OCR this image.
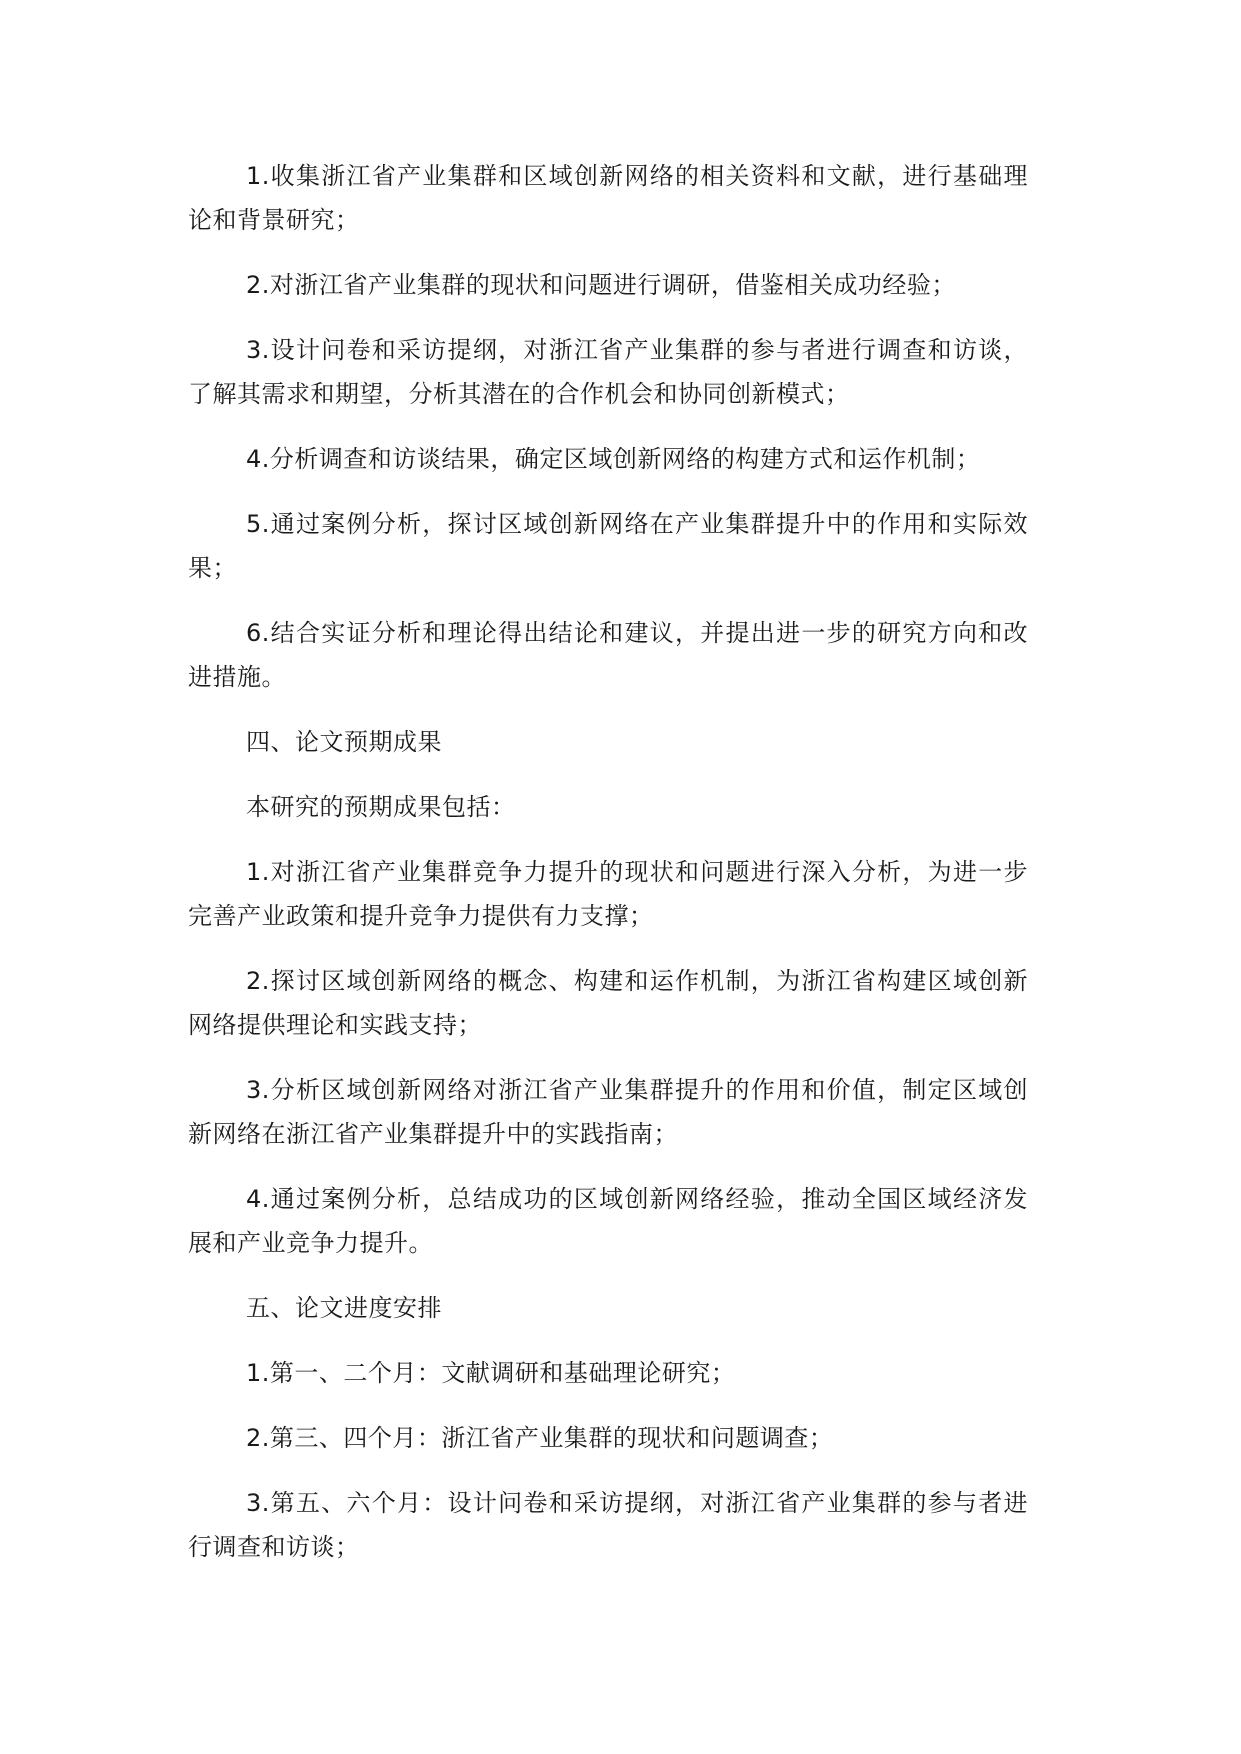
1.收集浙江省产业集群和区域创新网络的相关资料和文献，进行基础理论和背景研究；

2.对浙江省产业集群的现状和问题进行调研，借鉴相关成功经验；

3.设计问卷和采访提纲，对浙江省产业集群的参与者进行调查和访谈，了解其需求和期望，分析其潜在的合作机会和协同创新模式；

4.分析调查和访谈结果，确定区域创新网络的构建方式和运作机制；

5.通过案例分析，探讨区域创新网络在产业集群提升中的作用和实际效果；

6.结合实证分析和理论得出结论和建议，并提出进一步的研究方向和改进措施。

四、论文预期成果

本研究的预期成果包括：

1.对浙江省产业集群竞争力提升的现状和问题进行深入分析，为进一步完善产业政策和提升竞争力提供有力支撑；

2.探讨区域创新网络的概念、构建和运作机制，为浙江省构建区域创新网络提供理论和实践支持；

3.分析区域创新网络对浙江省产业集群提升的作用和价值，制定区域创新网络在浙江省产业集群提升中的实践指南；

4.通过案例分析，总结成功的区域创新网络经验，推动全国区域经济发展和产业竞争力提升。

五、论文进度安排

1.第一、二个月：文献调研和基础理论研究；

2.第三、四个月：浙江省产业集群的现状和问题调查；

3.第五、六个月：设计问卷和采访提纲，对浙江省产业集群的参与者进行调查和访谈；
